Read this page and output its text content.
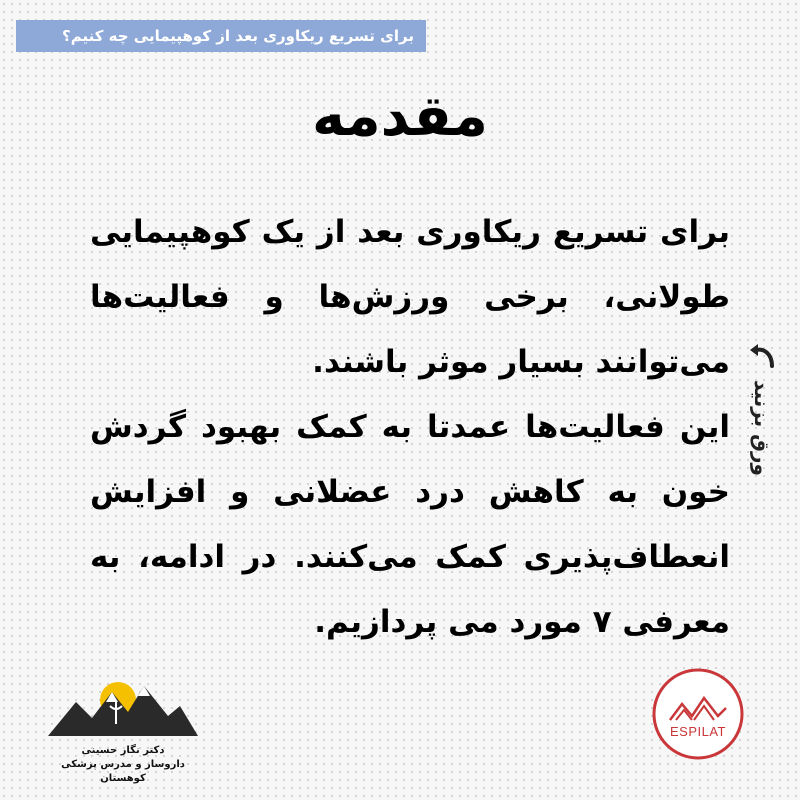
برای تسریع ریکاوری بعد از کوهپیمایی چه کنیم؟
مقدمه

برای تسریع ریکاوری بعد از یک کوهپیمایی طولانی، برخی ورزش‌ها و فعالیت‌ها می‌توانند بسیار موثر باشند.

این فعالیت‌ها عمدتا به کمک بهبود گردش خون به کاهش درد عضلانی و افزایش انعطاف‌پذیری کمک می‌کنند. در ادامه، به معرفی ۷ مورد می پردازیم.

ورق بزنید
دکتر نگار حسینی
داروساز و مدرس پزشکی کوهستان
ESPILAT
